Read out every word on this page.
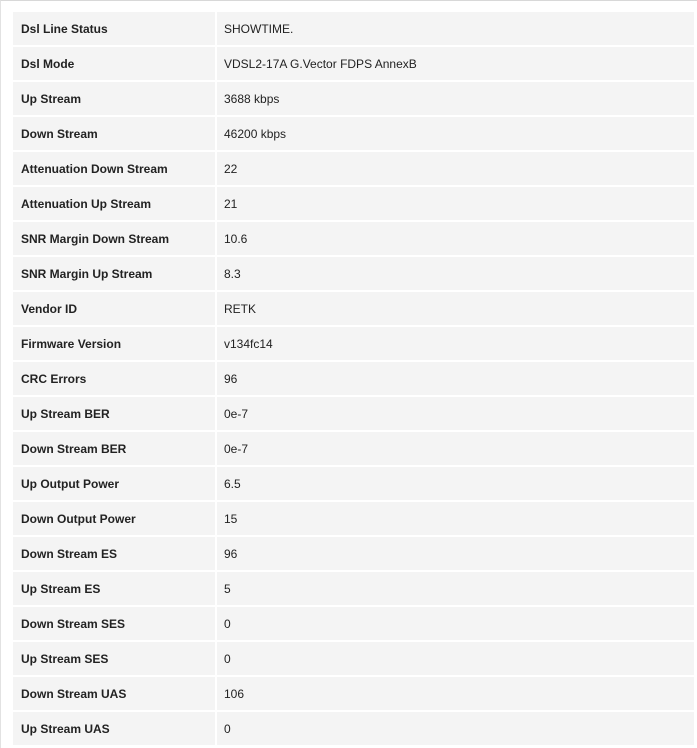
Dsl Line Status	SHOWTIME.
Dsl Mode	VDSL2-17A G.Vector FDPS AnnexB
Up Stream	3688 kbps
Down Stream	46200 kbps
Attenuation Down Stream	22
Attenuation Up Stream	21
SNR Margin Down Stream	10.6
SNR Margin Up Stream	8.3
Vendor ID	RETK
Firmware Version	v134fc14
CRC Errors	96
Up Stream BER	0e-7
Down Stream BER	0e-7
Up Output Power	6.5
Down Output Power	15
Down Stream ES	96
Up Stream ES	5
Down Stream SES	0
Up Stream SES	0
Down Stream UAS	106
Up Stream UAS	0
